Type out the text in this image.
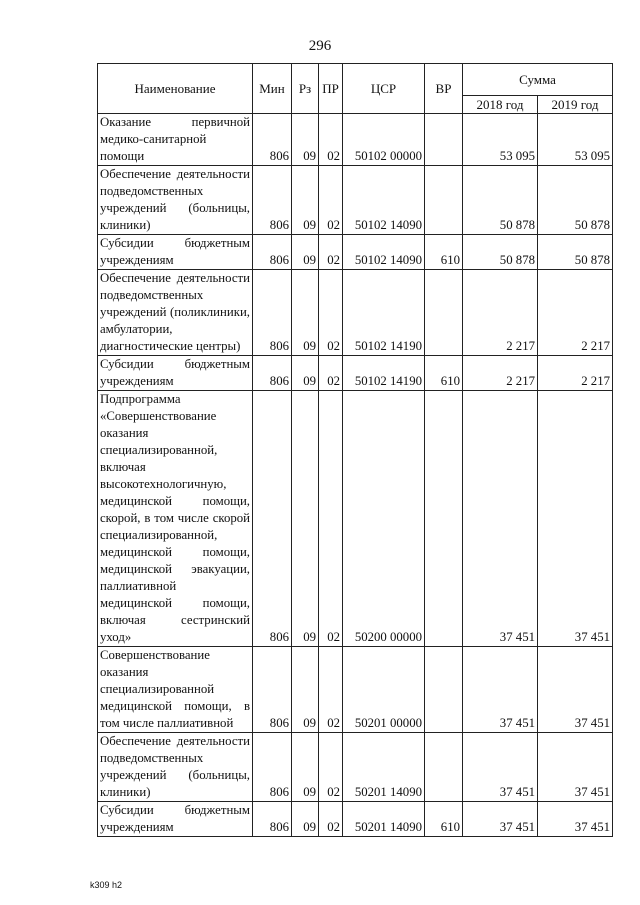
296
Наименование	Мин	Рз	ПР	ЦСР	ВР	Сумма	
						2018 год	2019 год
Оказание первичной медико-санитарной помощи	806	09	02	50102 00000		53 095	53 095
Обеспечение деятельности подведомственных учреждений (больницы, клиники)	806	09	02	50102 14090		50 878	50 878
Субсидии бюджетным учреждениям	806	09	02	50102 14090	610	50 878	50 878
Обеспечение деятельности подведомственных учреждений (поликлиники, амбулатории, диагностические центры)	806	09	02	50102 14190		2 217	2 217
Субсидии бюджетным учреждениям	806	09	02	50102 14190	610	2 217	2 217
Подпрограмма «Совершенствование оказания специализированной, включая высокотехнологичную, медицинской помощи, скорой, в том числе скорой специализированной, медицинской помощи, медицинской эвакуации, паллиативной медицинской помощи, включая сестринский уход»	806	09	02	50200 00000		37 451	37 451
Совершенствование оказания специализированной медицинской помощи, в том числе паллиативной	806	09	02	50201 00000		37 451	37 451
Обеспечение деятельности подведомственных учреждений (больницы, клиники)	806	09	02	50201 14090		37 451	37 451
Субсидии бюджетным учреждениям	806	09	02	50201 14090	610	37 451	37 451
k309 h2
